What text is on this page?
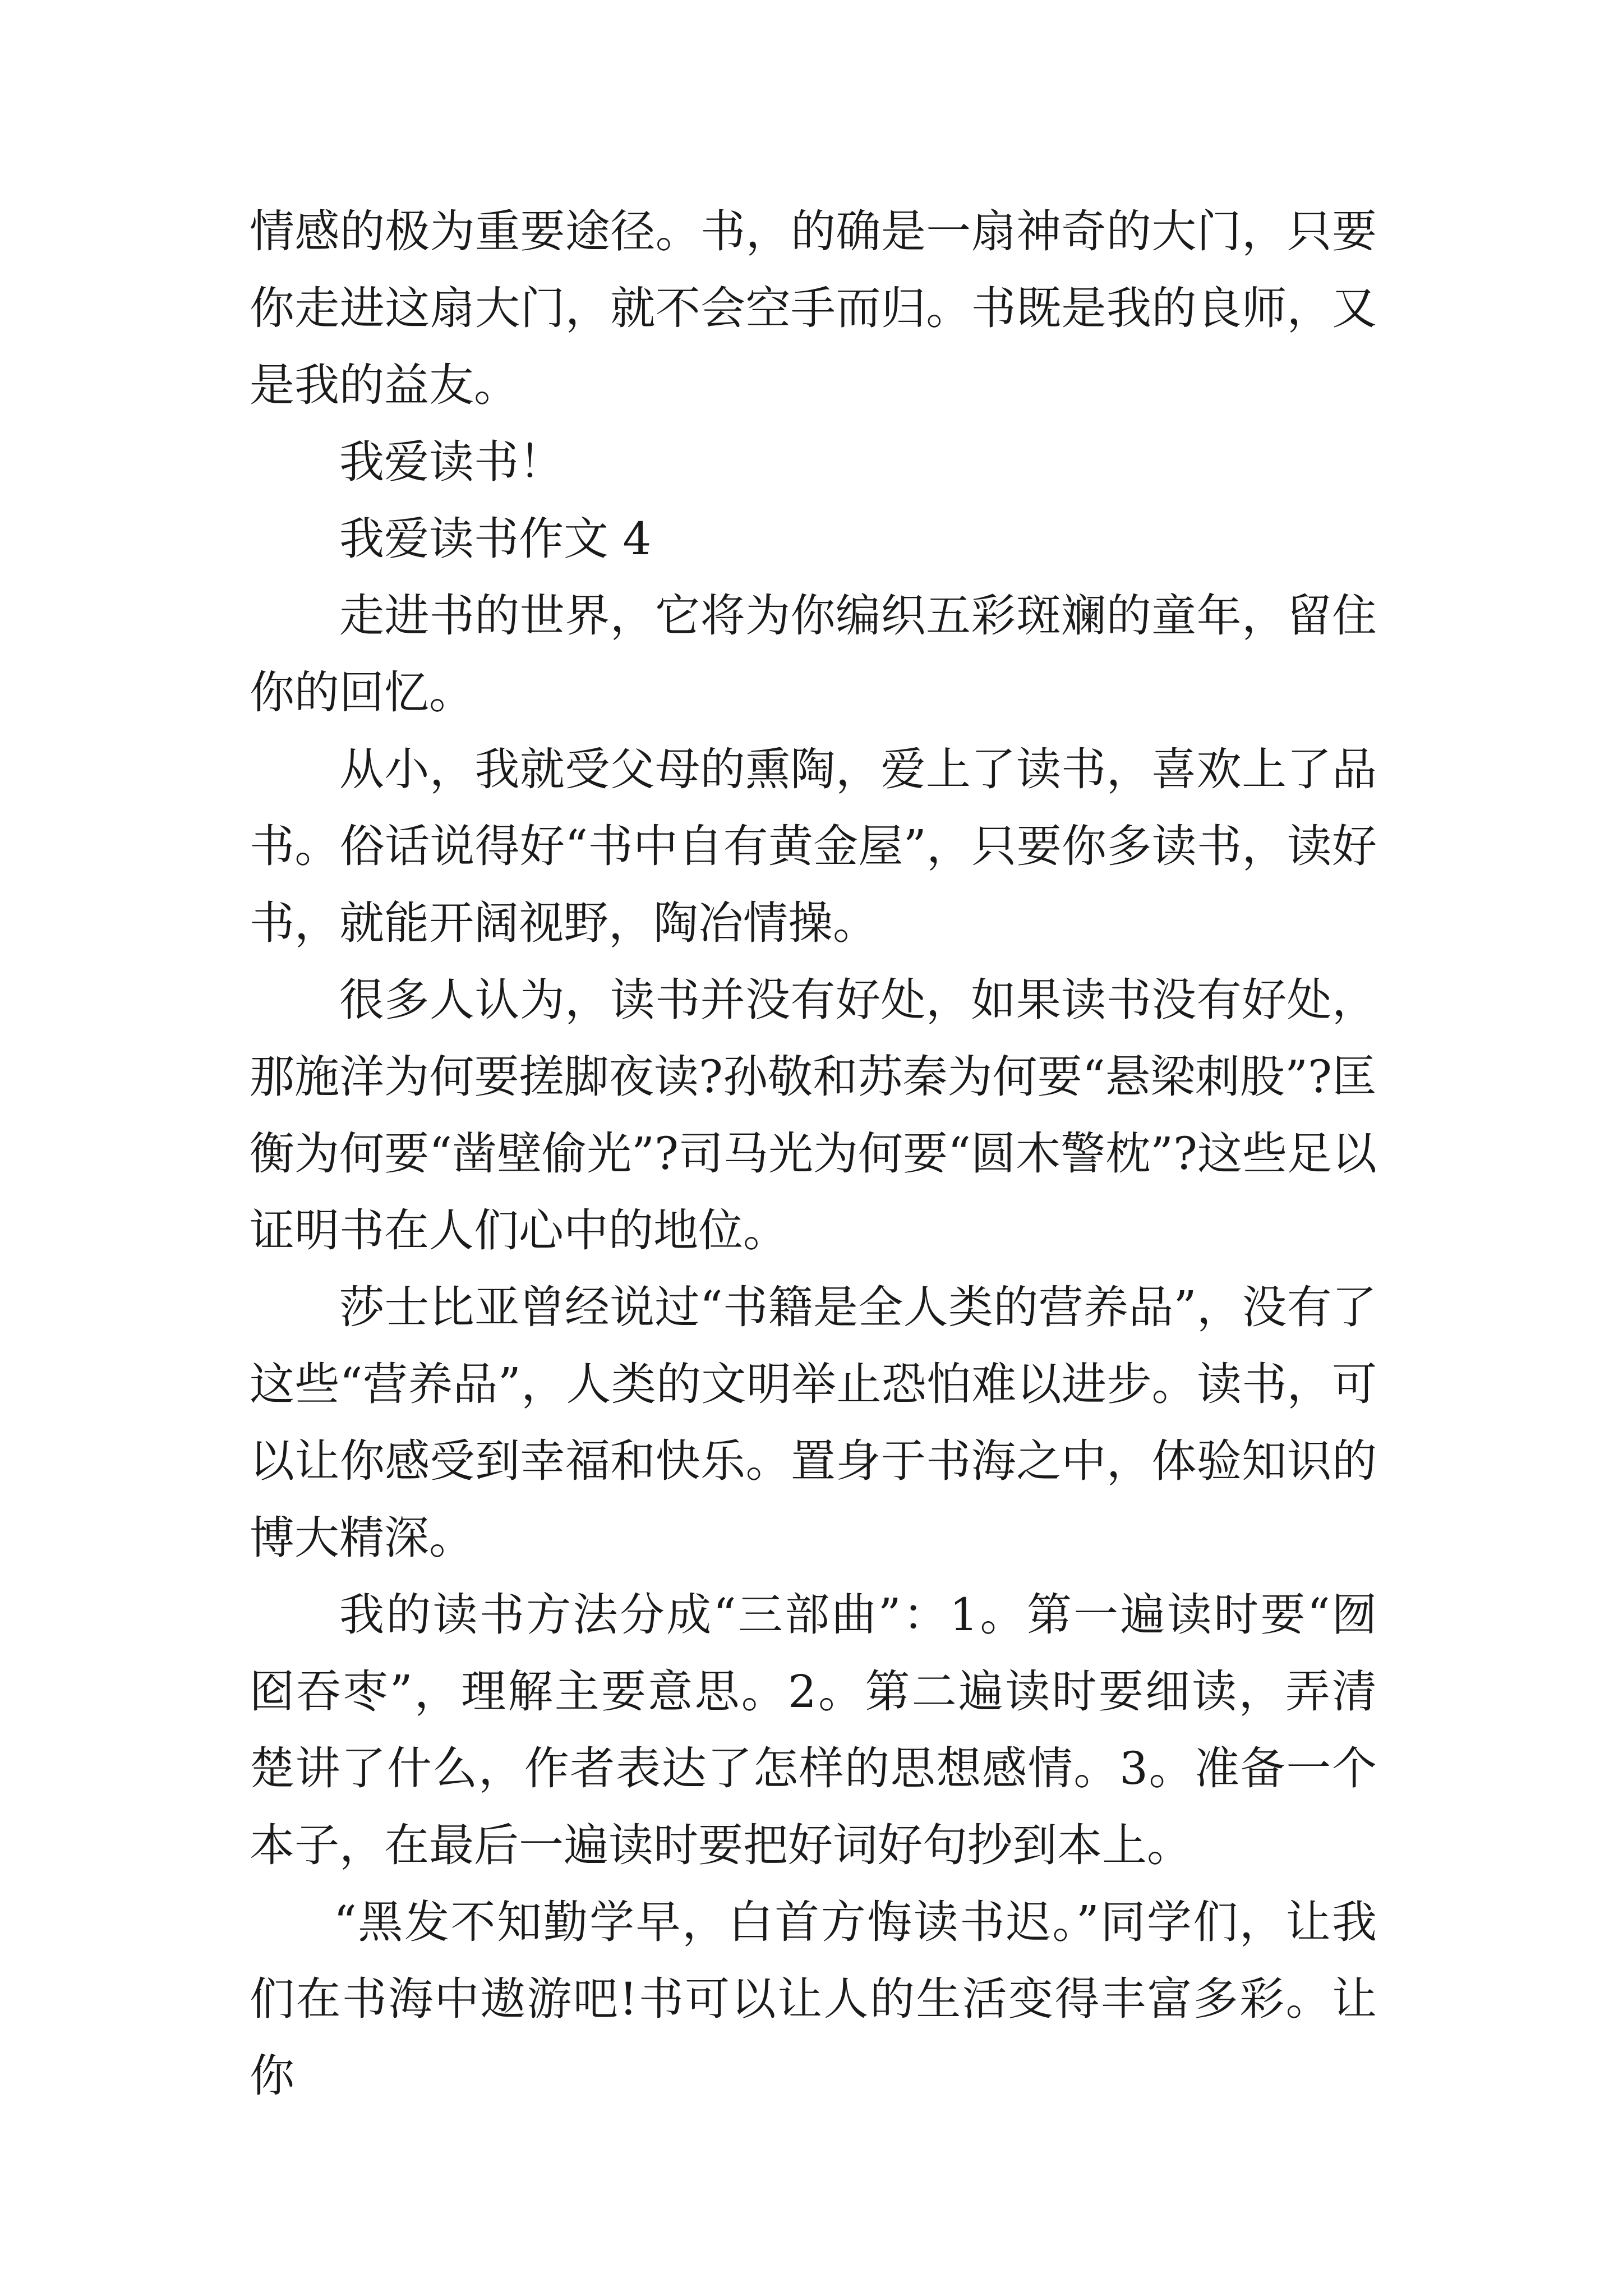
情感的极为重要途径。书，的确是一扇神奇的大门，只要你走进这扇大门，就不会空手而归。书既是我的良师，又是我的益友。

我爱读书！

我爱读书作文 4

走进书的世界，它将为你编织五彩斑斓的童年，留住你的回忆。

从小，我就受父母的熏陶，爱上了读书，喜欢上了品书。俗话说得好“书中自有黄金屋”，只要你多读书，读好书，就能开阔视野，陶冶情操。

很多人认为，读书并没有好处，如果读书没有好处，那施洋为何要搓脚夜读?孙敬和苏秦为何要“悬梁刺股”?匡衡为何要“凿壁偷光”?司马光为何要“圆木警枕”?这些足以证明书在人们心中的地位。

莎士比亚曾经说过“书籍是全人类的营养品”，没有了这些“营养品”，人类的文明举止恐怕难以进步。读书，可以让你感受到幸福和快乐。置身于书海之中，体验知识的博大精深。

我的读书方法分成“三部曲”：1。第一遍读时要“囫囵吞枣”，理解主要意思。2。第二遍读时要细读，弄清楚讲了什么，作者表达了怎样的思想感情。3。准备一个本子，在最后一遍读时要把好词好句抄到本上。

“黑发不知勤学早，白首方悔读书迟。”同学们，让我们在书海中遨游吧!书可以让人的生活变得丰富多彩。让你
